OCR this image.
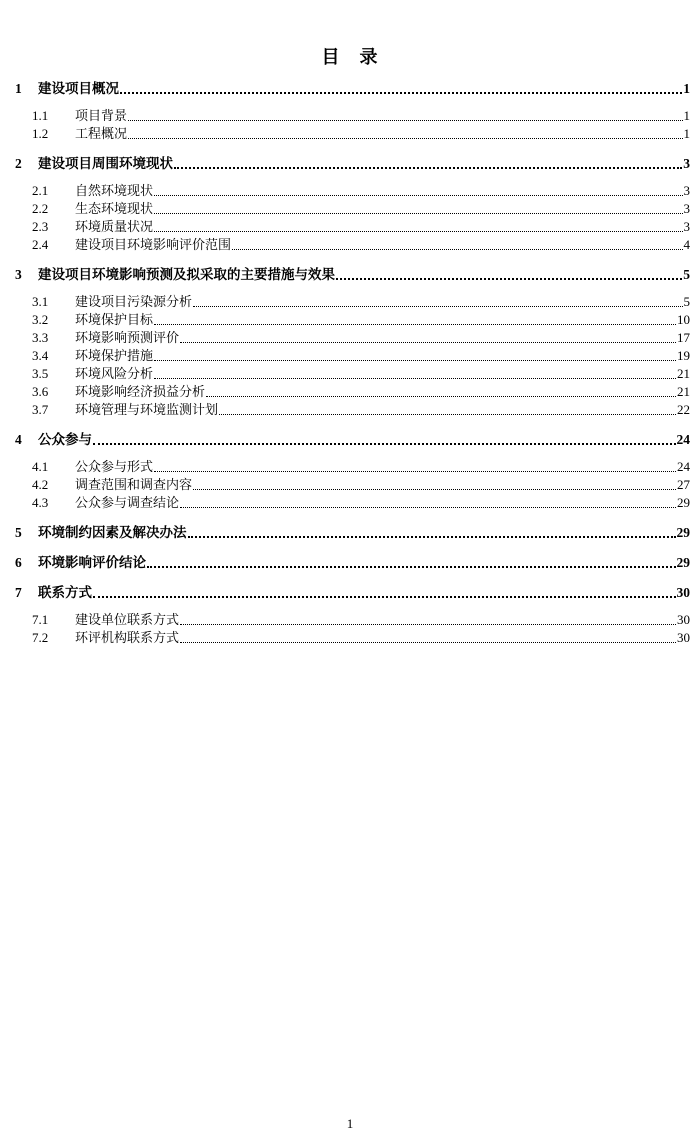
目　录
1	建设项目概况	1
1.1	项目背景	1
1.2	工程概况	1
2	建设项目周围环境现状	3
2.1	自然环境现状	3
2.2	生态环境现状	3
2.3	环境质量状况	3
2.4	建设项目环境影响评价范围	4
3	建设项目环境影响预测及拟采取的主要措施与效果	5
3.1	建设项目污染源分析	5
3.2	环境保护目标	10
3.3	环境影响预测评价	17
3.4	环境保护措施	19
3.5	环境风险分析	21
3.6	环境影响经济损益分析	21
3.7	环境管理与环境监测计划	22
4	公众参与	24
4.1	公众参与形式	24
4.2	调查范围和调查内容	27
4.3	公众参与调查结论	29
5	环境制约因素及解决办法	29
6	环境影响评价结论	29
7	联系方式	30
7.1	建设单位联系方式	30
7.2	环评机构联系方式	30
1
